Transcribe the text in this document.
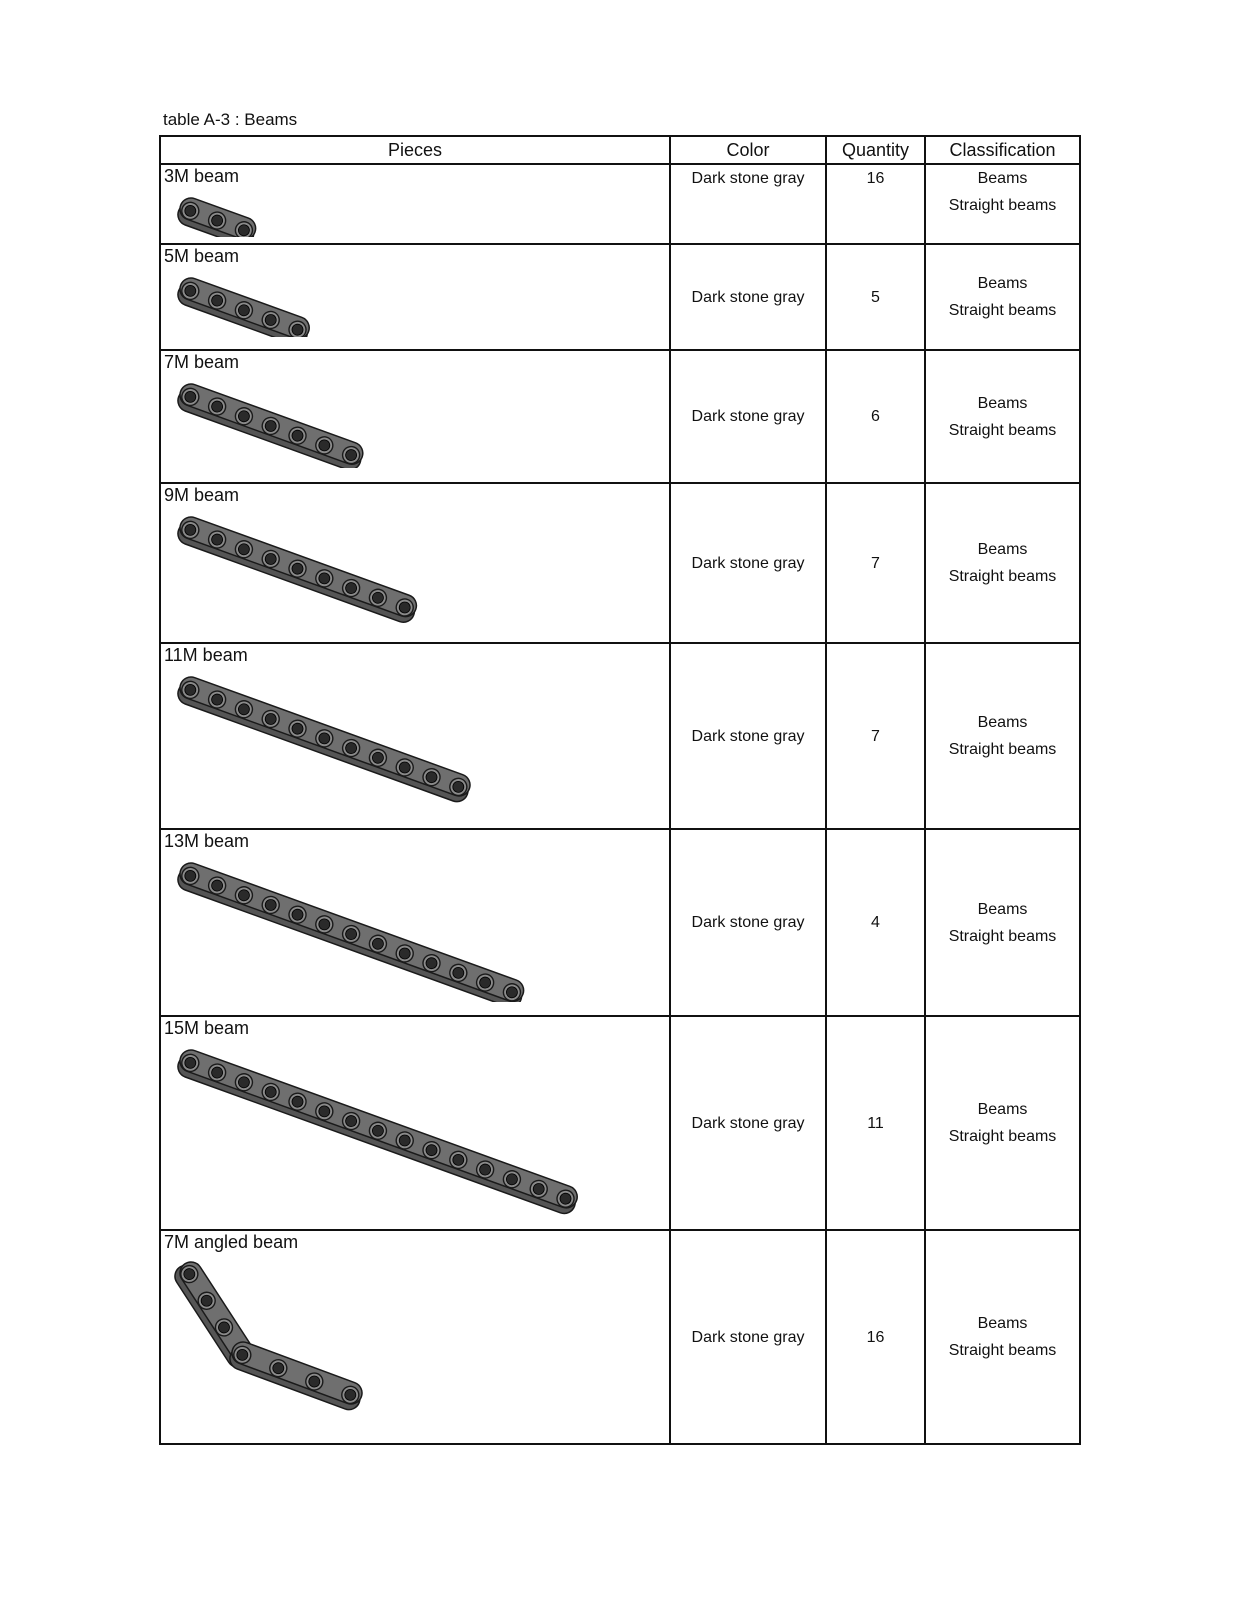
table A-3 : Beams
Pieces	Color	Quantity	Classification

3M beam	Dark stone gray	16	Beams
Straight beams

5M beam	Dark stone gray	5	Beams
Straight beams

7M beam	Dark stone gray	6	Beams
Straight beams

9M beam	Dark stone gray	7	Beams
Straight beams

11M beam	Dark stone gray	7	Beams
Straight beams

13M beam	Dark stone gray	4	Beams
Straight beams

15M beam	Dark stone gray	11	Beams
Straight beams

7M angled beam	Dark stone gray	16	Beams
Straight beams
